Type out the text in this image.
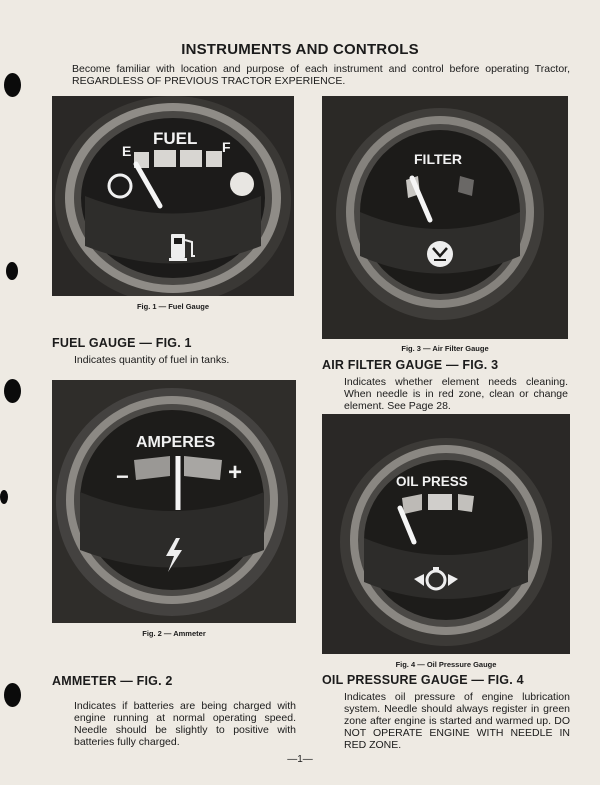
INSTRUMENTS AND CONTROLS
Become familiar with location and purpose of each instrument and control before operating Tractor, REGARDLESS OF PREVIOUS TRACTOR EXPERIENCE.
FUEL
E	F
Fig. 1 — Fuel Gauge
FUEL GAUGE — FIG. 1
Indicates quantity of fuel in tanks.
AMPERES
−	+
Fig. 2 — Ammeter
AMMETER — FIG. 2
Indicates if batteries are being charged with engine running at normal operating speed. Needle should be slightly to positive with batteries fully charged.
FILTER
Fig. 3 — Air Filter Gauge
AIR FILTER GAUGE — FIG. 3
Indicates whether element needs cleaning. When needle is in red zone, clean or change element. See Page 28.
OIL PRESS
Fig. 4 — Oil Pressure Gauge
OIL PRESSURE GAUGE — FIG. 4
Indicates oil pressure of engine lubrication system. Needle should always register in green zone after engine is started and warmed up. DO NOT OPERATE ENGINE WITH NEEDLE IN RED ZONE.
—1—
